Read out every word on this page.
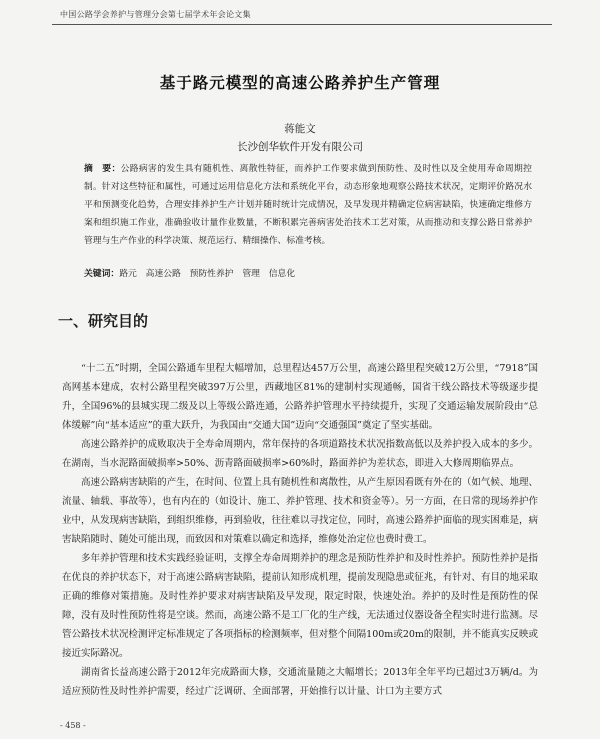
中国公路学会养护与管理分会第七届学术年会论文集
基于路元模型的高速公路养护生产管理
蒋能文
长沙创华软件开发有限公司

摘　要：公路病害的发生具有随机性、离散性特征，而养护工作要求做到预防性、及时性以及全使用寿命周期控制。针对这些特征和属性，可通过运用信息化方法和系统化平台，动态形象地观察公路技术状况，定期评价路况水平和预测变化趋势，合理安排养护生产计划并随时统计完成情况，及早发现并精确定位病害缺陷，快速确定维修方案和组织施工作业，准确验收计量作业数量，不断积累完善病害处治技术工艺对策，从而推动和支撑公路日常养护管理与生产作业的科学决策、规范运行、精细操作、标准考核。

关键词：路元　高速公路　预防性养护　管理　信息化

一、研究目的

“十二五”时期，全国公路通车里程大幅增加，总里程达457万公里，高速公路里程突破12万公里，“7918”国高网基本建成，农村公路里程突破397万公里，西藏地区81%的建制村实现通畅，国省干线公路技术等级逐步提升，全国96%的县城实现二级及以上等级公路连通，公路养护管理水平持续提升，实现了交通运输发展阶段由“总体缓解”向“基本适应”的重大跃升，为我国由“交通大国”迈向“交通强国”奠定了坚实基础。

高速公路养护的成败取决于全寿命周期内，常年保持的各项道路技术状况指数高低以及养护投入成本的多少。在湖南，当水泥路面破损率>50%、沥青路面破损率>60%时，路面养护为差状态，即进入大修周期临界点。

高速公路病害缺陷的产生，在时间、位置上具有随机性和离散性，从产生原因看既有外在的（如气候、地理、流量、轴载、事故等），也有内在的（如设计、施工、养护管理、技术和资金等）。另一方面，在日常的现场养护作业中，从发现病害缺陷，到组织维修，再到验收，往往难以寻找定位，同时，高速公路养护面临的现实困难是，病害缺陷随时、随处可能出现，而致因和对策难以确定和选择，维修处治定位也费时费工。

多年养护管理和技术实践经验证明，支撑全寿命周期养护的理念是预防性养护和及时性养护。预防性养护是指在优良的养护状态下，对于高速公路病害缺陷，提前认知形成机理，提前发现隐患或征兆，有针对、有目的地采取正确的维修对策措施。及时性养护要求对病害缺陷及早发现，限定时限，快速处治。养护的及时性是预防性的保障，没有及时性预防性将是空谈。然而，高速公路不是工厂化的生产线，无法通过仪器设备全程实时进行监测。尽管公路技术状况检测评定标准规定了各项指标的检测频率，但对整个间隔100m或20m的限制，并不能真实反映或接近实际路况。

湖南省长益高速公路于2012年完成路面大修，交通流量随之大幅增长；2013年全年平均已超过3万辆/d。为适应预防性及时性养护需要，经过广泛调研、全面部署，开始推行以计量、计口为主要方式

- 458 -
